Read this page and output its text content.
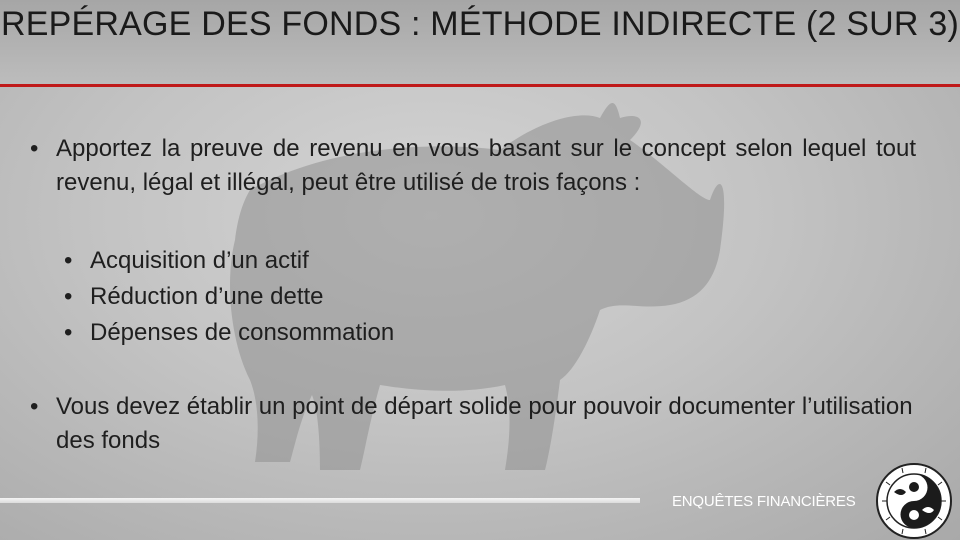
REPÉRAGE DES FONDS : MÉTHODE INDIRECTE (2 SUR 3)
• Apportez la preuve de revenu en vous basant sur le concept selon lequel tout revenu, légal et illégal, peut être utilisé de trois façons :
• Acquisition d’un actif
• Réduction d’une dette
• Dépenses de consommation
• Vous devez établir un point de départ solide pour pouvoir documenter l’utilisation des fonds
ENQUÊTES FINANCIÈRES
